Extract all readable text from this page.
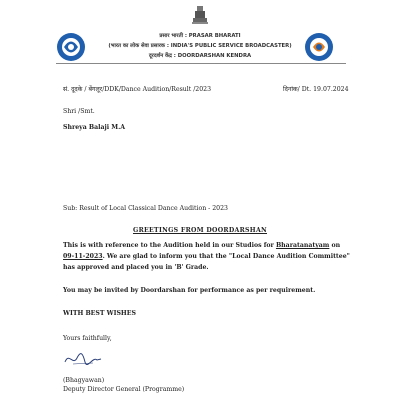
प्रसार भारती : PRASAR BHARATI
(भारत का लोक सेवा प्रसारक : INDIA'S PUBLIC SERVICE BROADCASTER)
दूरदर्शन केंद्र : DOORDARSHAN KENDRA
सं. दूदके / बेंगलूर/DDK/Dance Audition/Result /2023	दिनांक/ Dt. 19.07.2024
Shri /Smt.
Shreya Balaji M.A
Sub: Result of Local Classical Dance Audition - 2023
GREETINGS FROM DOORDARSHAN
This is with reference to the Audition held in our Studios for Bharatanatyam on 09-11-2023. We are glad to inform you that the "Local Dance Audition Committee" has approved and placed you in 'B' Grade.
You may be invited by Doordarshan for performance as per requirement.
WITH BEST WISHES
Yours faithfully,
(Bhagyawan)
Deputy Director General (Programme)
